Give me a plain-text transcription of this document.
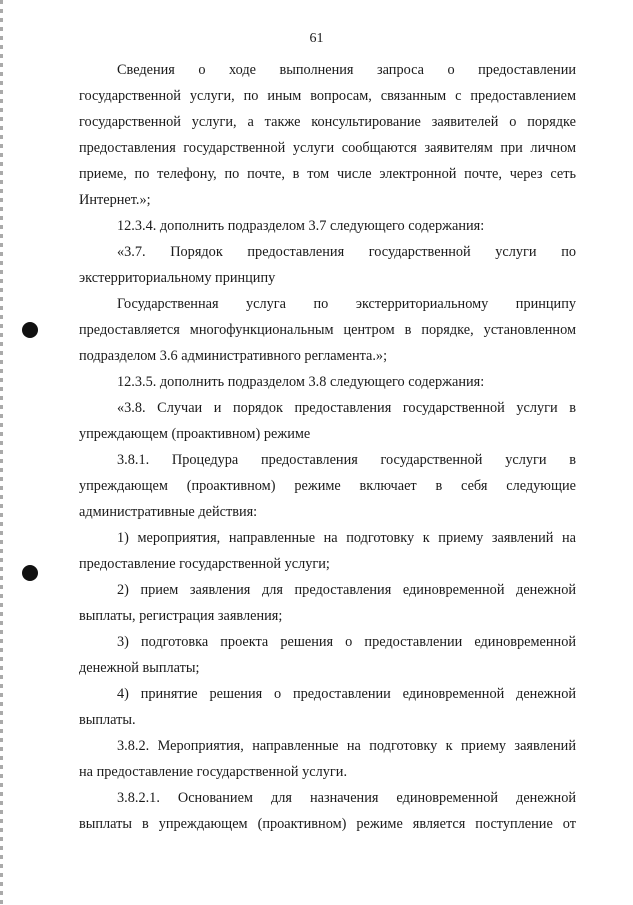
61
Сведения о ходе выполнения запроса о предоставлении
государственной услуги, по иным вопросам, связанным с предоставлением
государственной услуги, а также консультирование заявителей о порядке
предоставления государственной услуги сообщаются заявителям при личном
приеме, по телефону, по почте, в том числе электронной почте, через сеть
Интернет.»;
12.3.4. дополнить подразделом 3.7 следующего содержания:
«3.7. Порядок предоставления государственной услуги по
экстерриториальному принципу
Государственная услуга по экстерриториальному принципу
предоставляется многофункциональным центром в порядке, установленном
подразделом 3.6 административного регламента.»;
12.3.5. дополнить подразделом 3.8 следующего содержания:
«3.8. Случаи и порядок предоставления государственной услуги в
упреждающем (проактивном) режиме
3.8.1. Процедура предоставления государственной услуги в
упреждающем (проактивном) режиме включает в себя следующие
административные действия:
1) мероприятия, направленные на подготовку к приему заявлений на
предоставление государственной услуги;
2) прием заявления для предоставления единовременной денежной
выплаты, регистрация заявления;
3) подготовка проекта решения о предоставлении единовременной
денежной выплаты;
4) принятие решения о предоставлении единовременной денежной
выплаты.
3.8.2. Мероприятия, направленные на подготовку к приему заявлений
на предоставление государственной услуги.
3.8.2.1. Основанием для назначения единовременной денежной
выплаты в упреждающем (проактивном) режиме является поступление от
